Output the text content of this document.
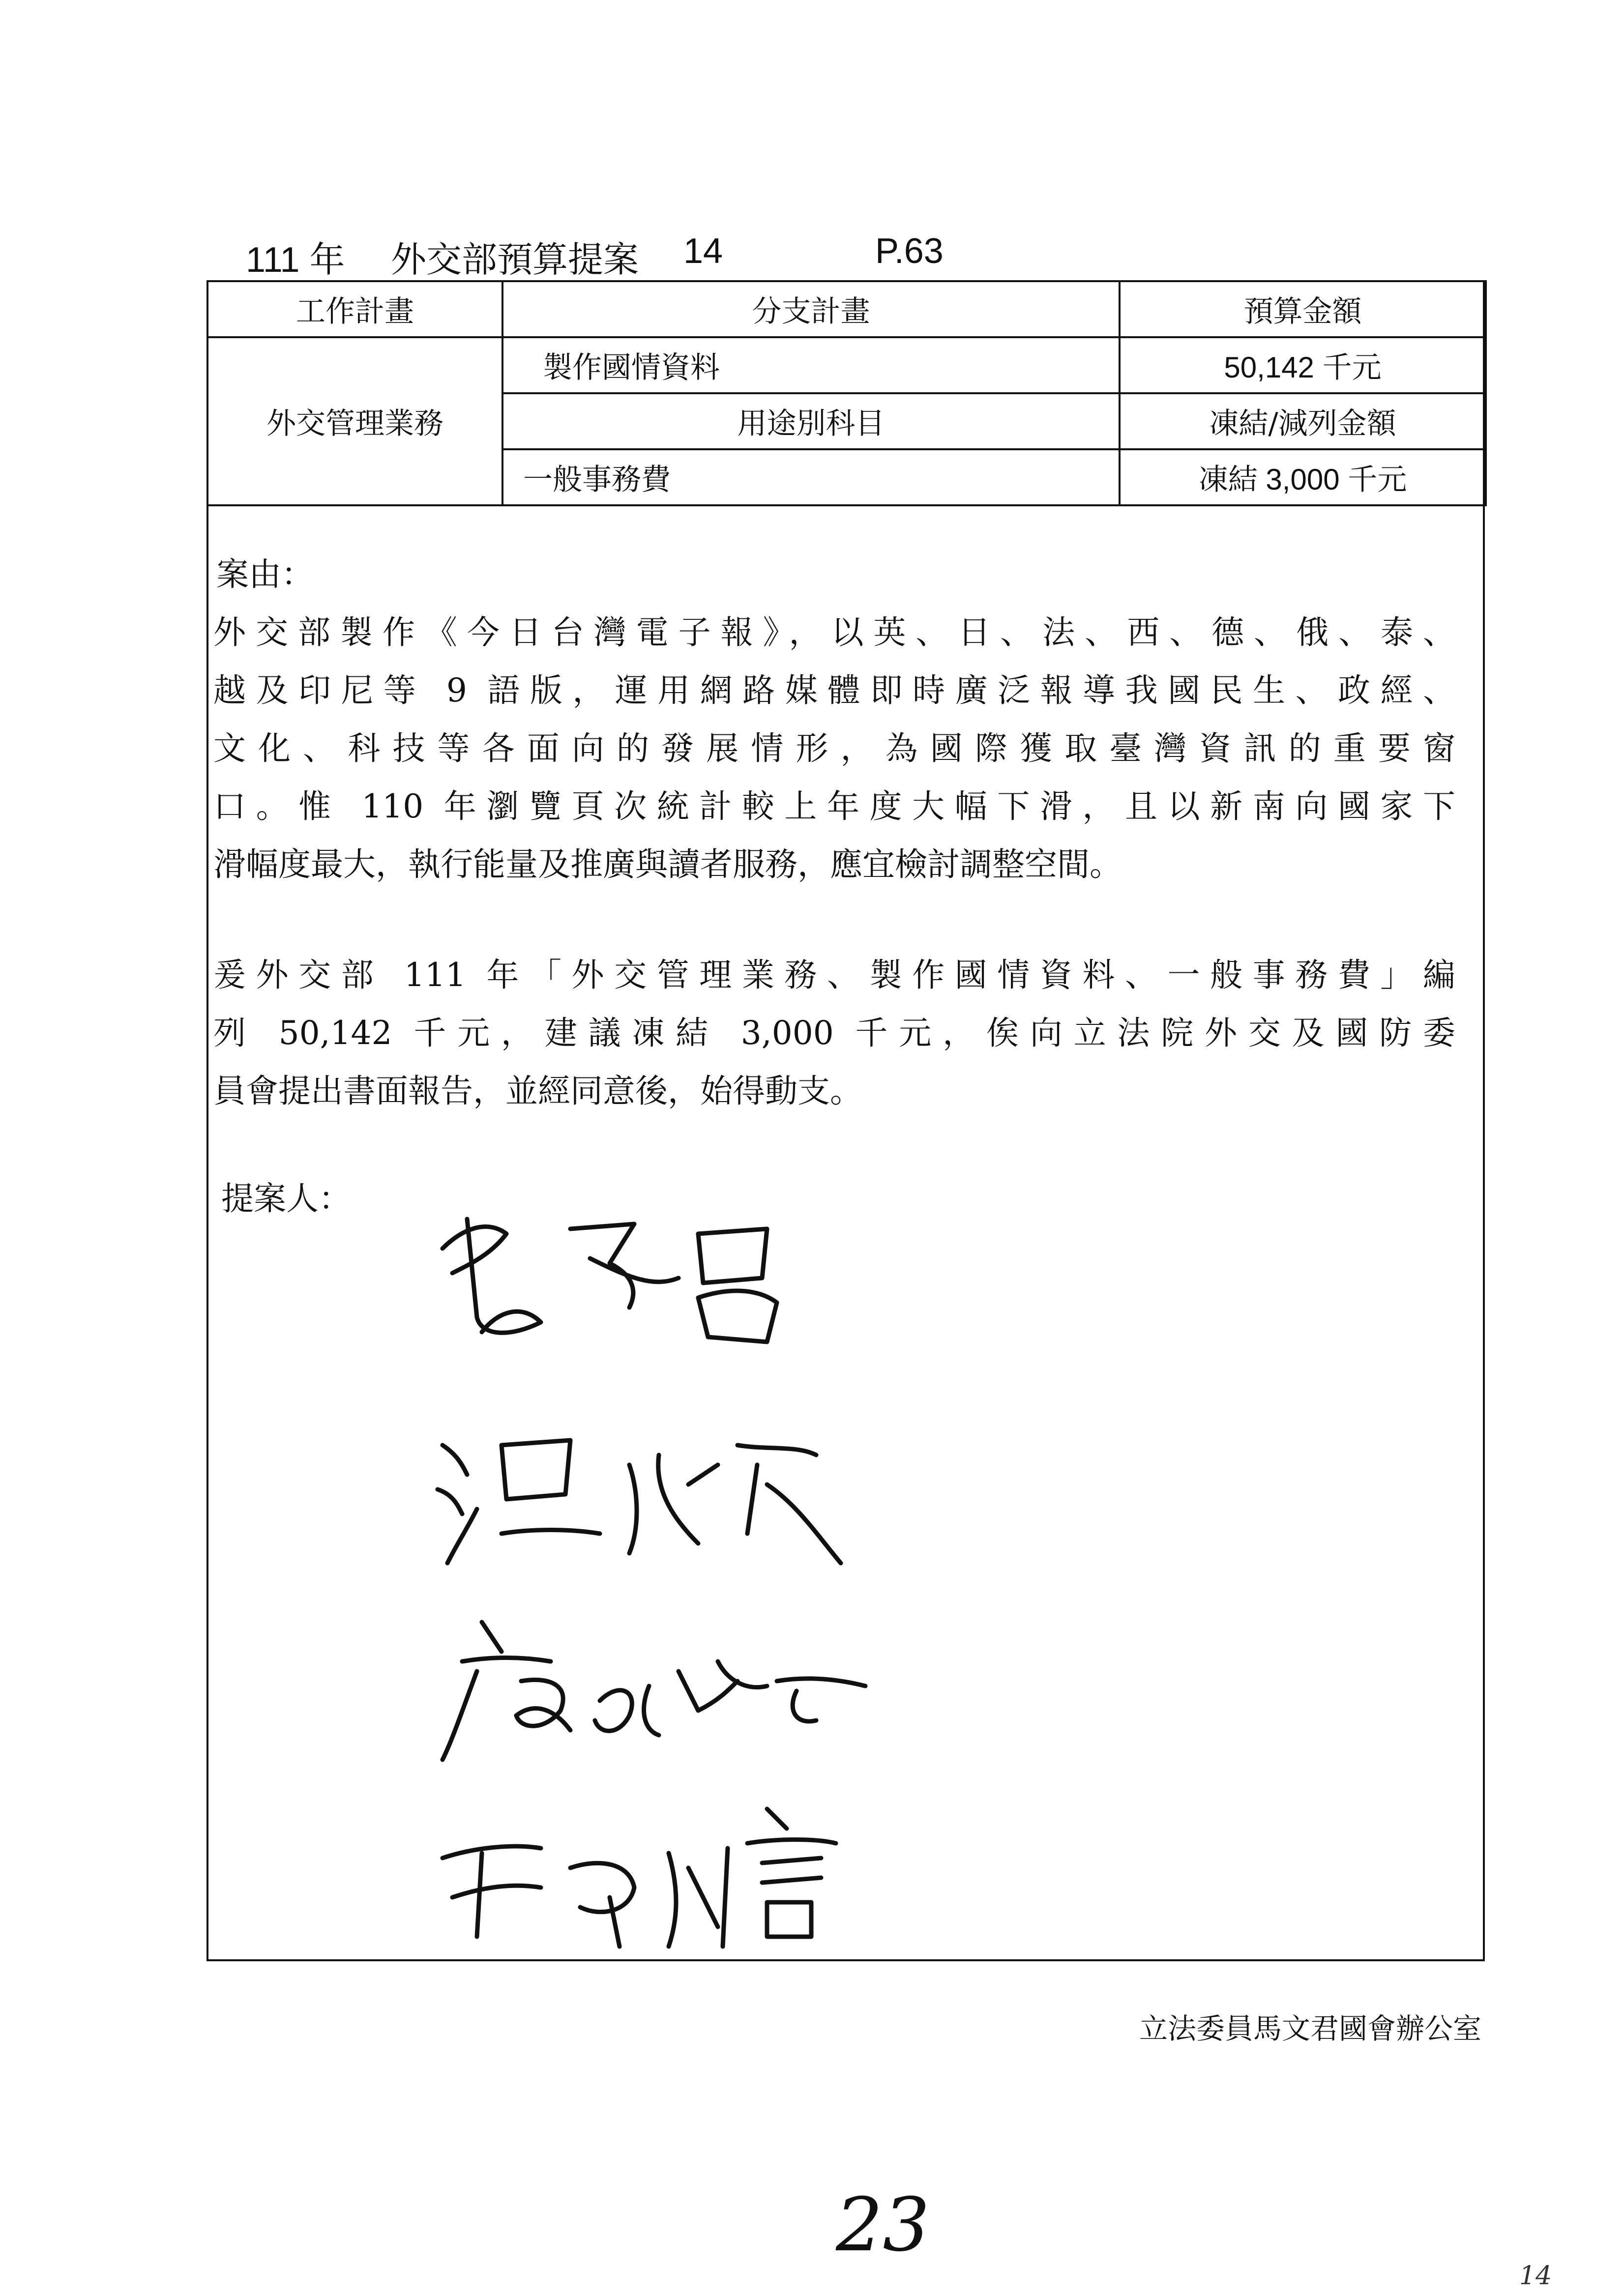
111 年 外交部預算提案 14	P.63
工作計畫	分支計畫	預算金額
外交管理業務	製作國情資料	50,142 千元
	用途別科目	凍結/減列金額
	一般事務費	凍結 3,000 千元
案由：
外交部製作《今日台灣電子報》，以英、日、法、西、德、俄、泰、
越及印尼等 9 語版，運用網路媒體即時廣泛報導我國民生、政經、
文化、科技等各面向的發展情形，為國際獲取臺灣資訊的重要窗
口。惟 110 年瀏覽頁次統計較上年度大幅下滑，且以新南向國家下
滑幅度最大，執行能量及推廣與讀者服務，應宜檢討調整空間。
爰外交部 111 年「外交管理業務、製作國情資料、一般事務費」編
列 50,142 千元，建議凍結 3,000 千元，俟向立法院外交及國防委
員會提出書面報告，並經同意後，始得動支。
提案人：
立法委員馬文君國會辦公室
23
14
